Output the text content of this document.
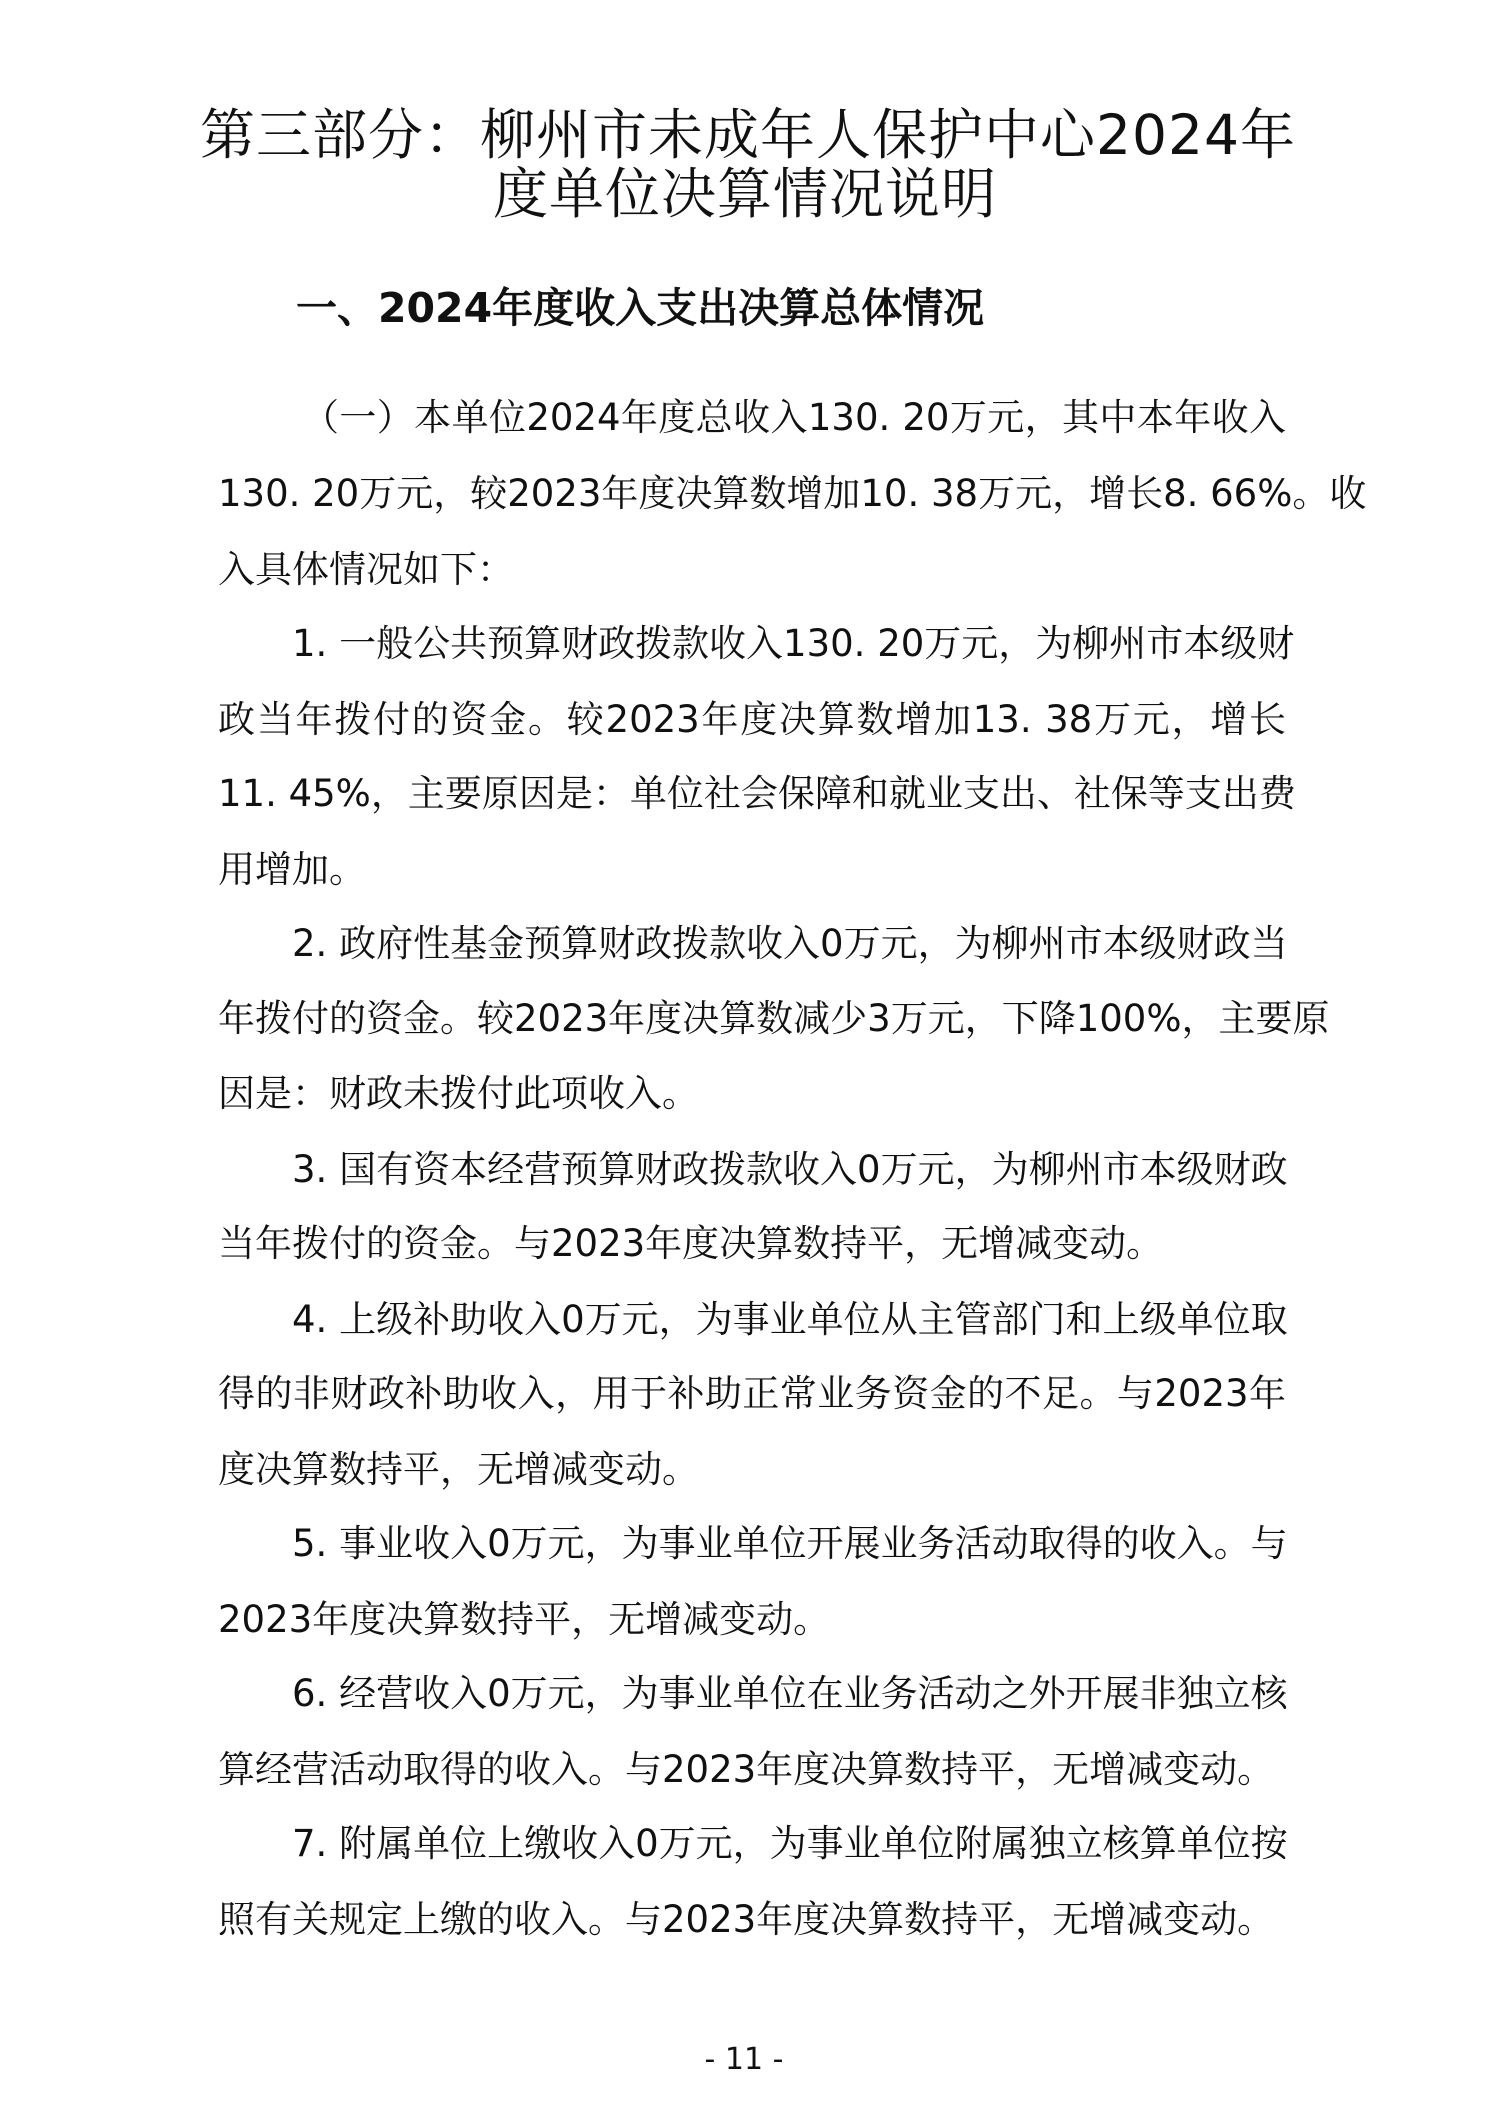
第三部分：柳州市未成年人保护中心2024年
度单位决算情况说明
一、2024年度收入支出决算总体情况

（一）本单位2024年度总收入130. 20万元，其中本年收入

130. 20万元，较2023年度决算数增加10. 38万元，增长8. 66%。收

入具体情况如下：

1. 一般公共预算财政拨款收入130. 20万元，为柳州市本级财

政当年拨付的资金。较2023年度决算数增加13. 38万元，增长

11. 45%，主要原因是：单位社会保障和就业支出、社保等支出费

用增加。

2. 政府性基金预算财政拨款收入0万元，为柳州市本级财政当

年拨付的资金。较2023年度决算数减少3万元，下降100%，主要原

因是：财政未拨付此项收入。

3. 国有资本经营预算财政拨款收入0万元，为柳州市本级财政

当年拨付的资金。与2023年度决算数持平，无增减变动。

4. 上级补助收入0万元，为事业单位从主管部门和上级单位取

得的非财政补助收入，用于补助正常业务资金的不足。与2023年

度决算数持平，无增减变动。

5. 事业收入0万元，为事业单位开展业务活动取得的收入。与

2023年度决算数持平，无增减变动。

6. 经营收入0万元，为事业单位在业务活动之外开展非独立核

算经营活动取得的收入。与2023年度决算数持平，无增减变动。

7. 附属单位上缴收入0万元，为事业单位附属独立核算单位按

照有关规定上缴的收入。与2023年度决算数持平，无增减变动。

- 11 -
